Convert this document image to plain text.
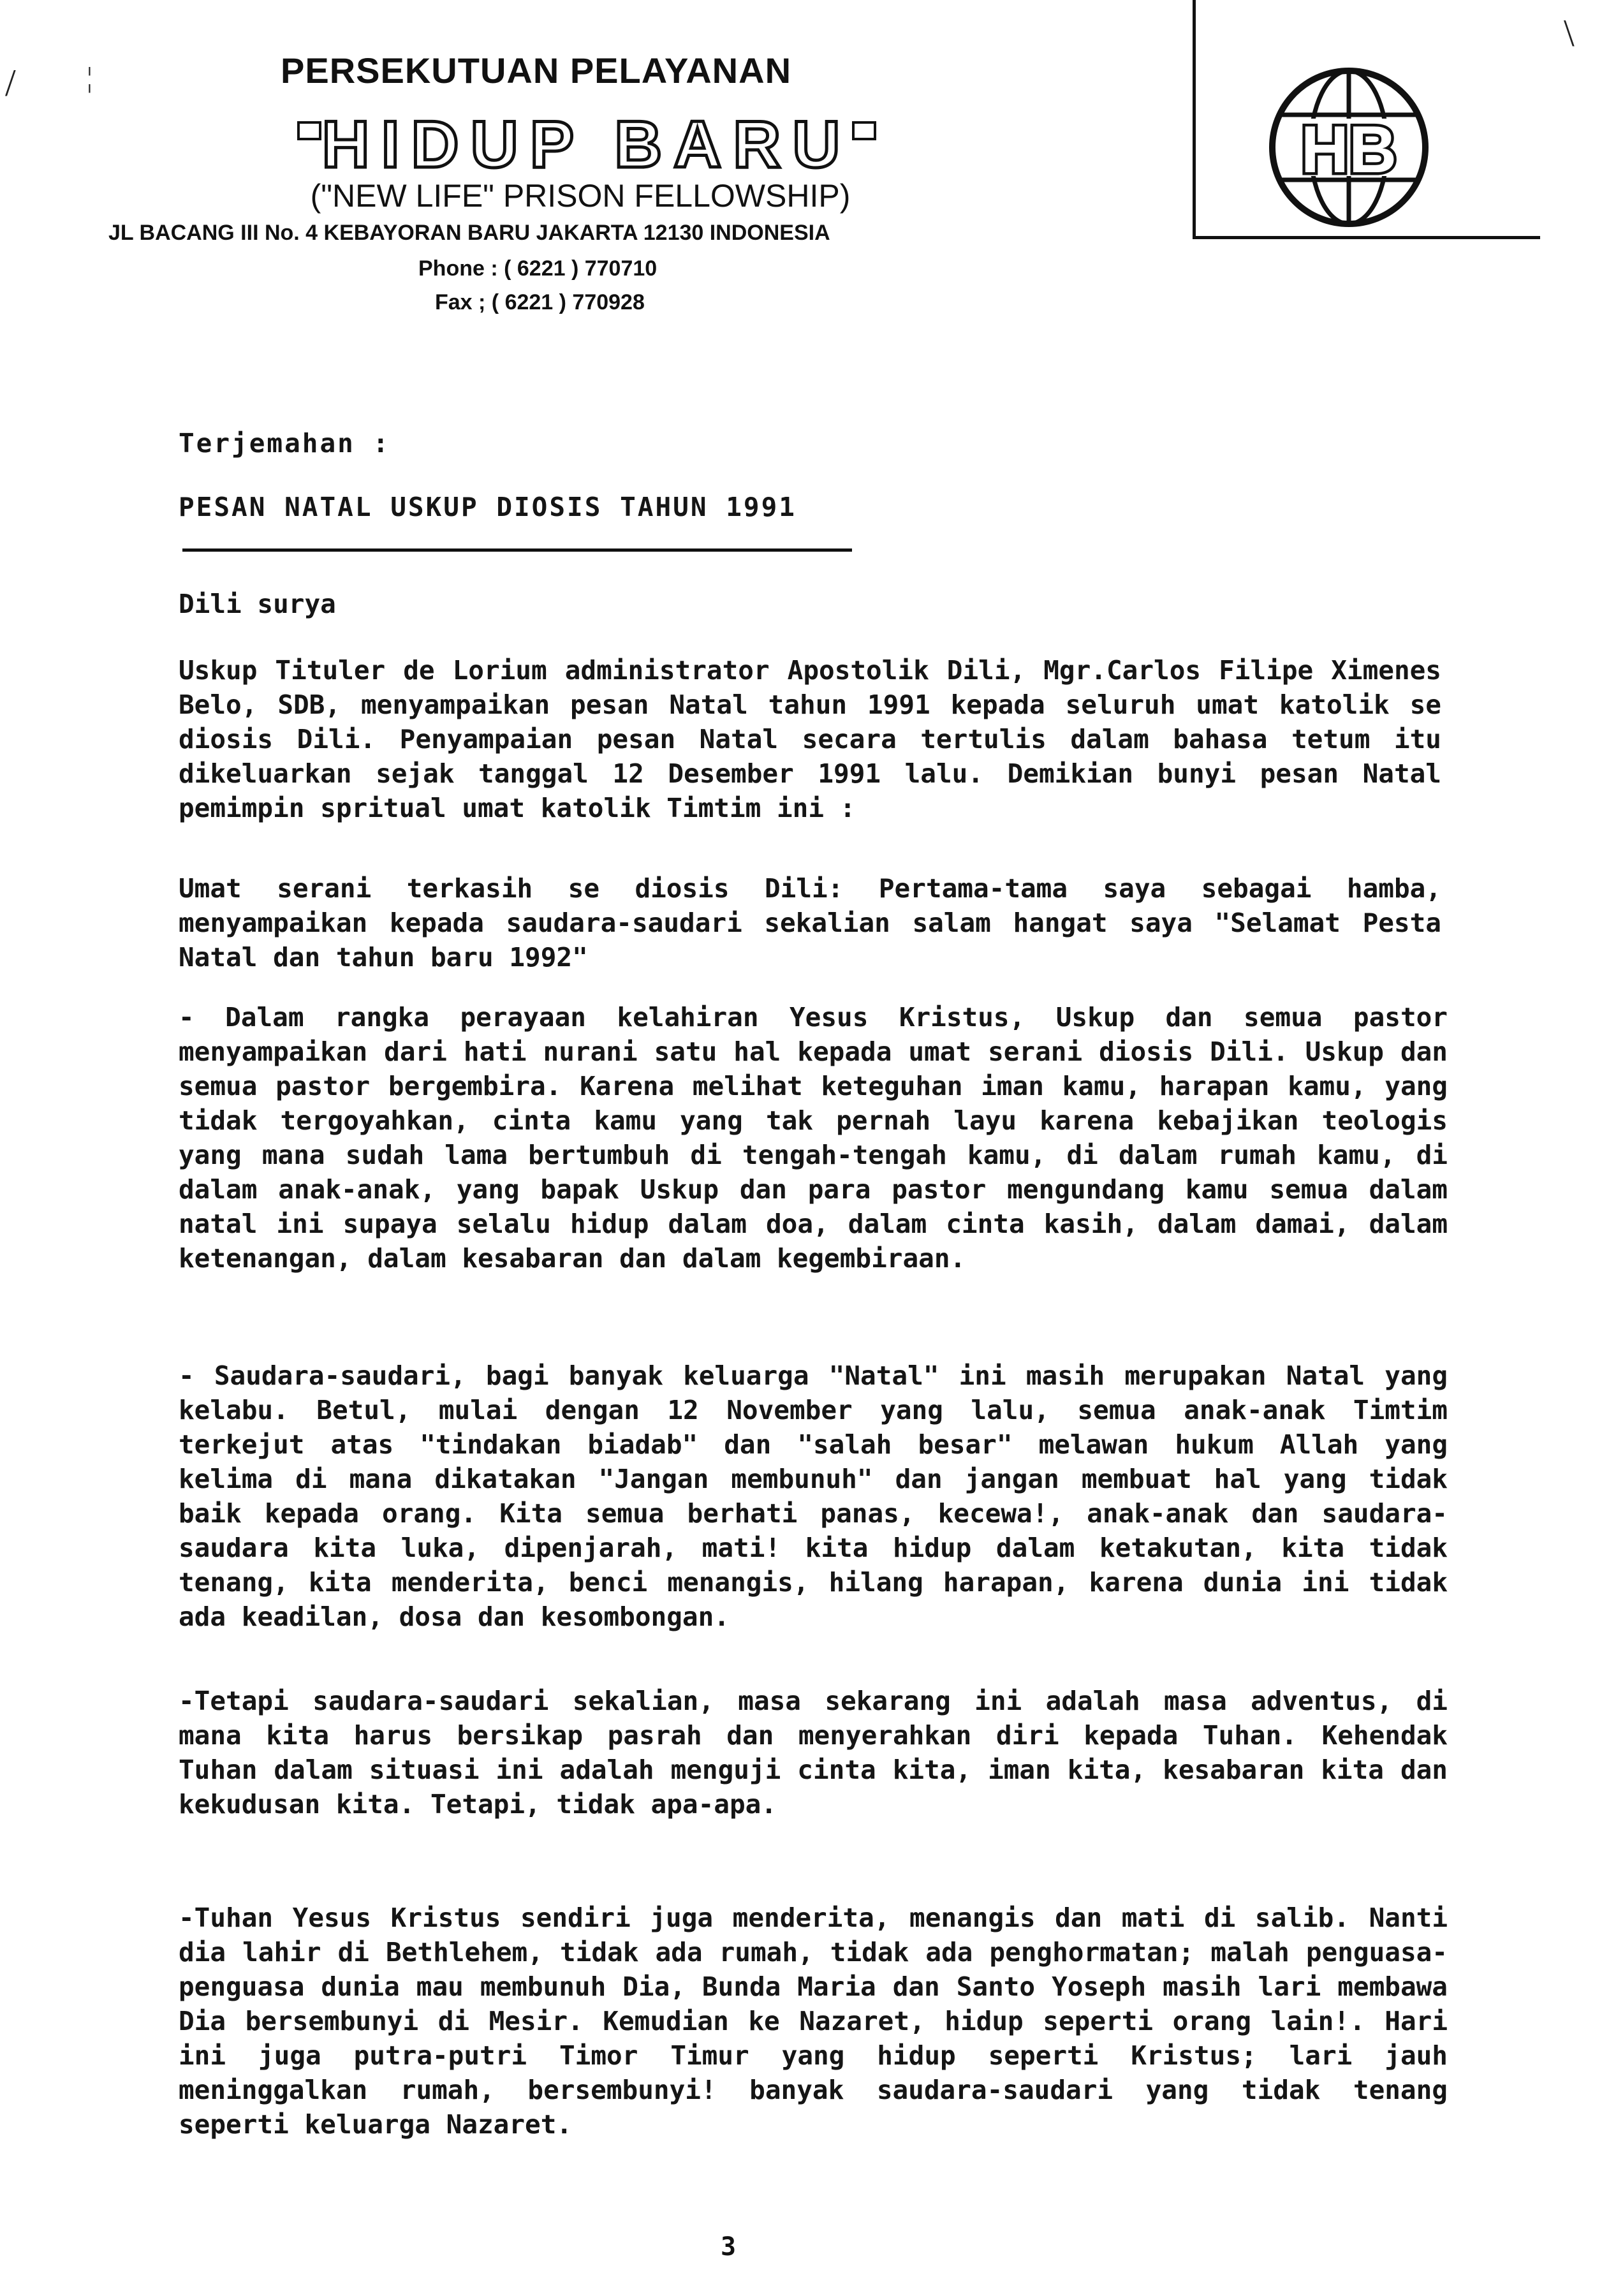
/	¦
\
PERSEKUTUAN PELAYANAN
HIDUP BARU
("NEW LIFE" PRISON FELLOWSHIP)
JL BACANG III No. 4 KEBAYORAN BARU JAKARTA 12130 INDONESIA
Phone : ( 6221 ) 770710
Fax ; ( 6221 ) 770928
HB
Terjemahan :
PESAN NATAL USKUP DIOSIS TAHUN 1991
Dili surya

Uskup Tituler de Lorium administrator Apostolik Dili, Mgr.Carlos Filipe Ximenes Belo, SDB, menyampaikan pesan Natal tahun 1991 kepada seluruh umat katolik se diosis Dili. Penyampaian pesan Natal secara tertulis dalam bahasa tetum itu dikeluarkan sejak tanggal 12 Desember 1991 lalu. Demikian bunyi pesan Natal pemimpin spritual umat katolik Timtim ini :

Umat serani terkasih se diosis Dili: Pertama-tama saya sebagai hamba, menyampaikan kepada saudara-saudari sekalian salam hangat saya "Selamat Pesta Natal dan tahun baru 1992"

- Dalam rangka perayaan kelahiran Yesus Kristus, Uskup dan semua pastor menyampaikan dari hati nurani satu hal kepada umat serani diosis Dili. Uskup dan semua pastor bergembira. Karena melihat keteguhan iman kamu, harapan kamu, yang tidak tergoyahkan, cinta kamu yang tak pernah layu karena kebajikan teologis yang mana sudah lama bertumbuh di tengah-tengah kamu, di dalam rumah kamu, di dalam anak-anak, yang bapak Uskup dan para pastor mengundang kamu semua dalam natal ini supaya selalu hidup dalam doa, dalam cinta kasih, dalam damai, dalam ketenangan, dalam kesabaran dan dalam kegembiraan.

- Saudara-saudari, bagi banyak keluarga "Natal" ini masih merupakan Natal yang kelabu. Betul, mulai dengan 12 November yang lalu, semua anak-anak Timtim terkejut atas "tindakan biadab" dan "salah besar" melawan hukum Allah yang kelima di mana dikatakan "Jangan membunuh" dan jangan membuat hal yang tidak baik kepada orang. Kita semua berhati panas, kecewa!, anak-anak dan saudara-saudara kita luka, dipenjarah, mati! kita hidup dalam ketakutan, kita tidak tenang, kita menderita, benci menangis, hilang harapan, karena dunia ini tidak ada keadilan, dosa dan kesombongan.

-Tetapi saudara-saudari sekalian, masa sekarang ini adalah masa adventus, di mana kita harus bersikap pasrah dan menyerahkan diri kepada Tuhan. Kehendak Tuhan dalam situasi ini adalah menguji cinta kita, iman kita, kesabaran kita dan kekudusan kita. Tetapi, tidak apa-apa.

-Tuhan Yesus Kristus sendiri juga menderita, menangis dan mati di salib. Nanti dia lahir di Bethlehem, tidak ada rumah, tidak ada penghormatan; malah penguasa-penguasa dunia mau membunuh Dia, Bunda Maria dan Santo Yoseph masih lari membawa Dia bersembunyi di Mesir. Kemudian ke Nazaret, hidup seperti orang lain!. Hari ini juga putra-putri Timor Timur yang hidup seperti Kristus; lari jauh meninggalkan rumah, bersembunyi! banyak saudara-saudari yang tidak tenang seperti keluarga Nazaret.

3
